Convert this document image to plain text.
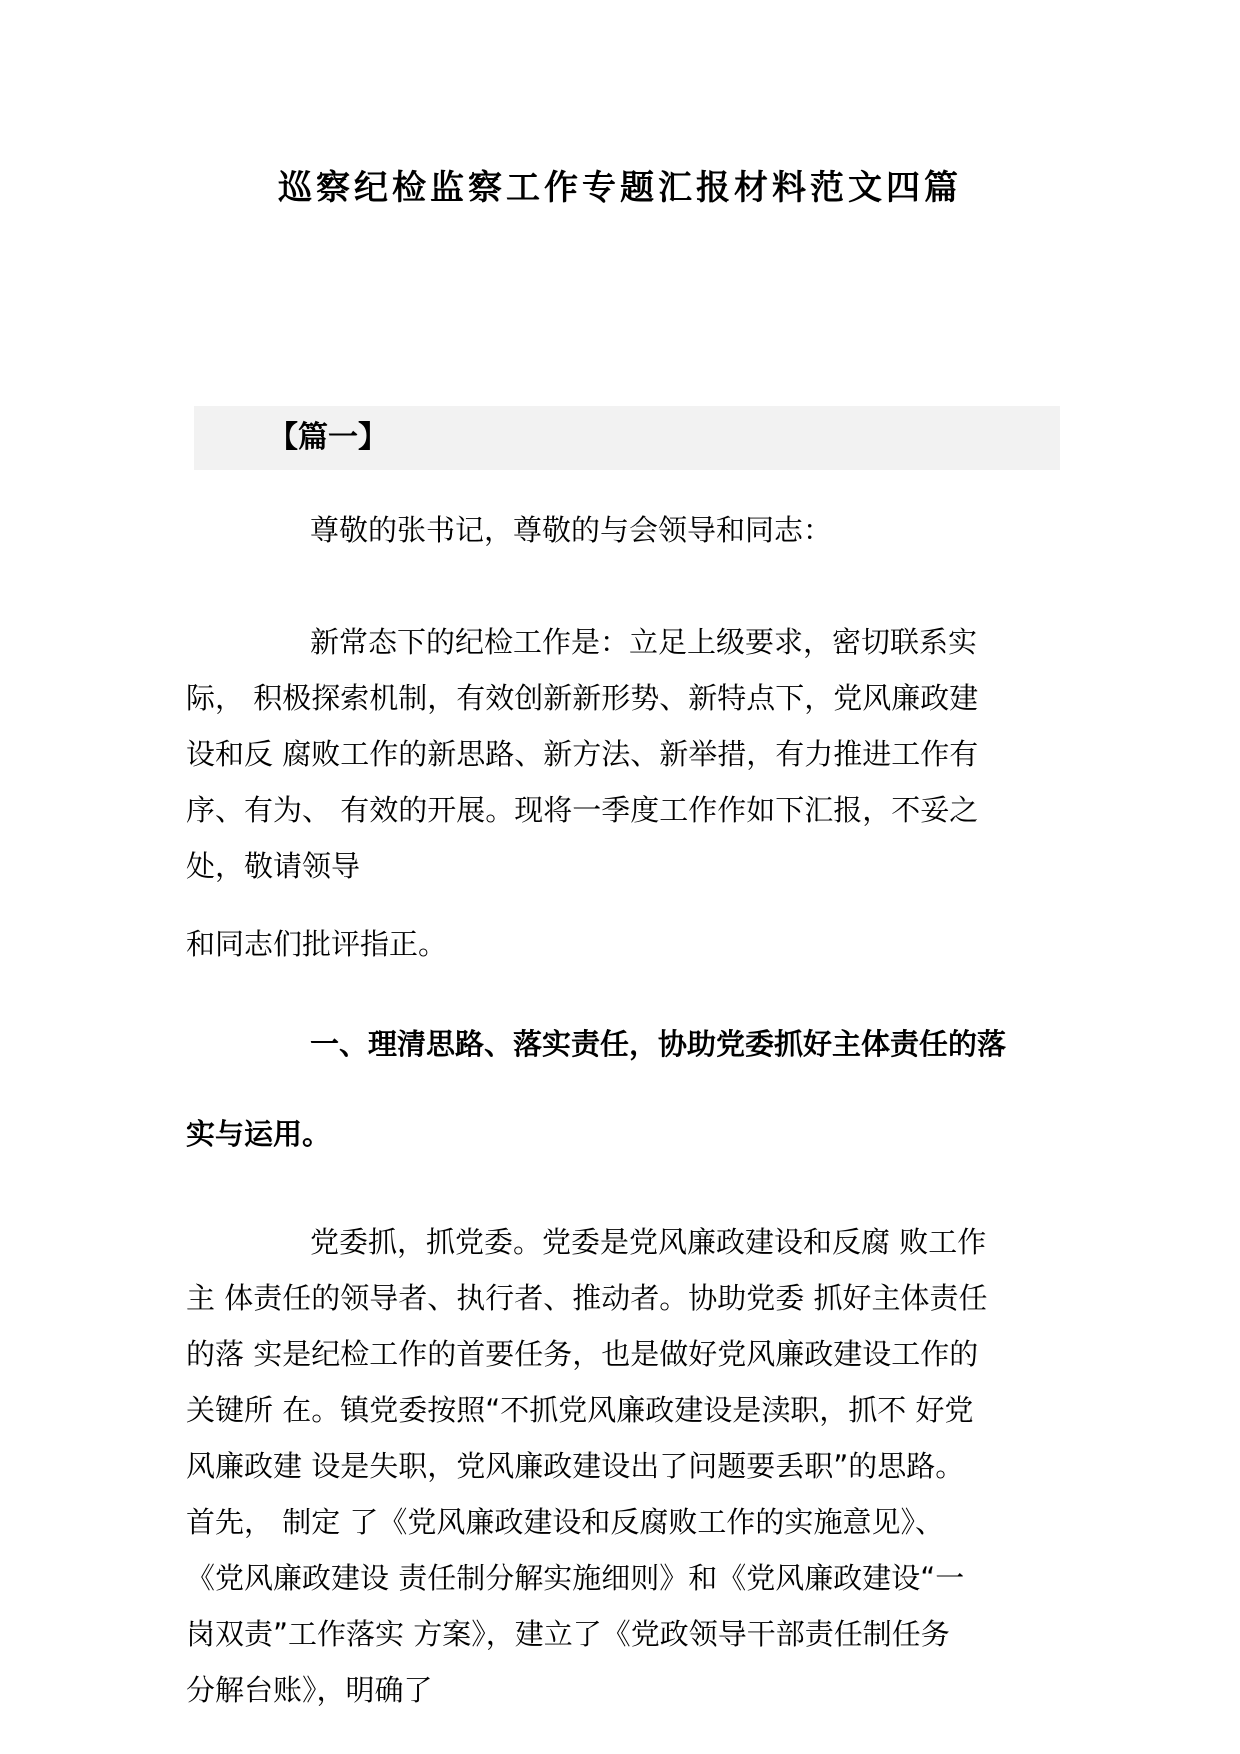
巡察纪检监察工作专题汇报材料范文四篇
【篇一】

尊敬的张书记，尊敬的与会领导和同志：

新常态下的纪检工作是：立足上级要求，密切联系实
际， 积极探索机制，有效创新新形势、新特点下，党风廉政建
设和反 腐败工作的新思路、新方法、新举措，有力推进工作有
序、有为、 有效的开展。现将一季度工作作如下汇报，不妥之
处，敬请领导

和同志们批评指正。

一、理清思路、落实责任，协助党委抓好主体责任的落

实与运用。

党委抓，抓党委。党委是党风廉政建设和反腐 败工作
主 体责任的领导者、执行者、推动者。协助党委 抓好主体责任
的落 实是纪检工作的首要任务，也是做好党风廉政建设工作的
关键所 在。镇党委按照“不抓党风廉政建设是渎职，抓不 好党
风廉政建 设是失职，党风廉政建设出了问题要丢职”的思路。
首先， 制定 了《党风廉政建设和反腐败工作的实施意见》、
《党风廉政建设 责任制分解实施细则》和《党风廉政建设“一
岗双责”工作落实 方案》，建立了《党政领导干部责任制任务
分解台账》，明确了
